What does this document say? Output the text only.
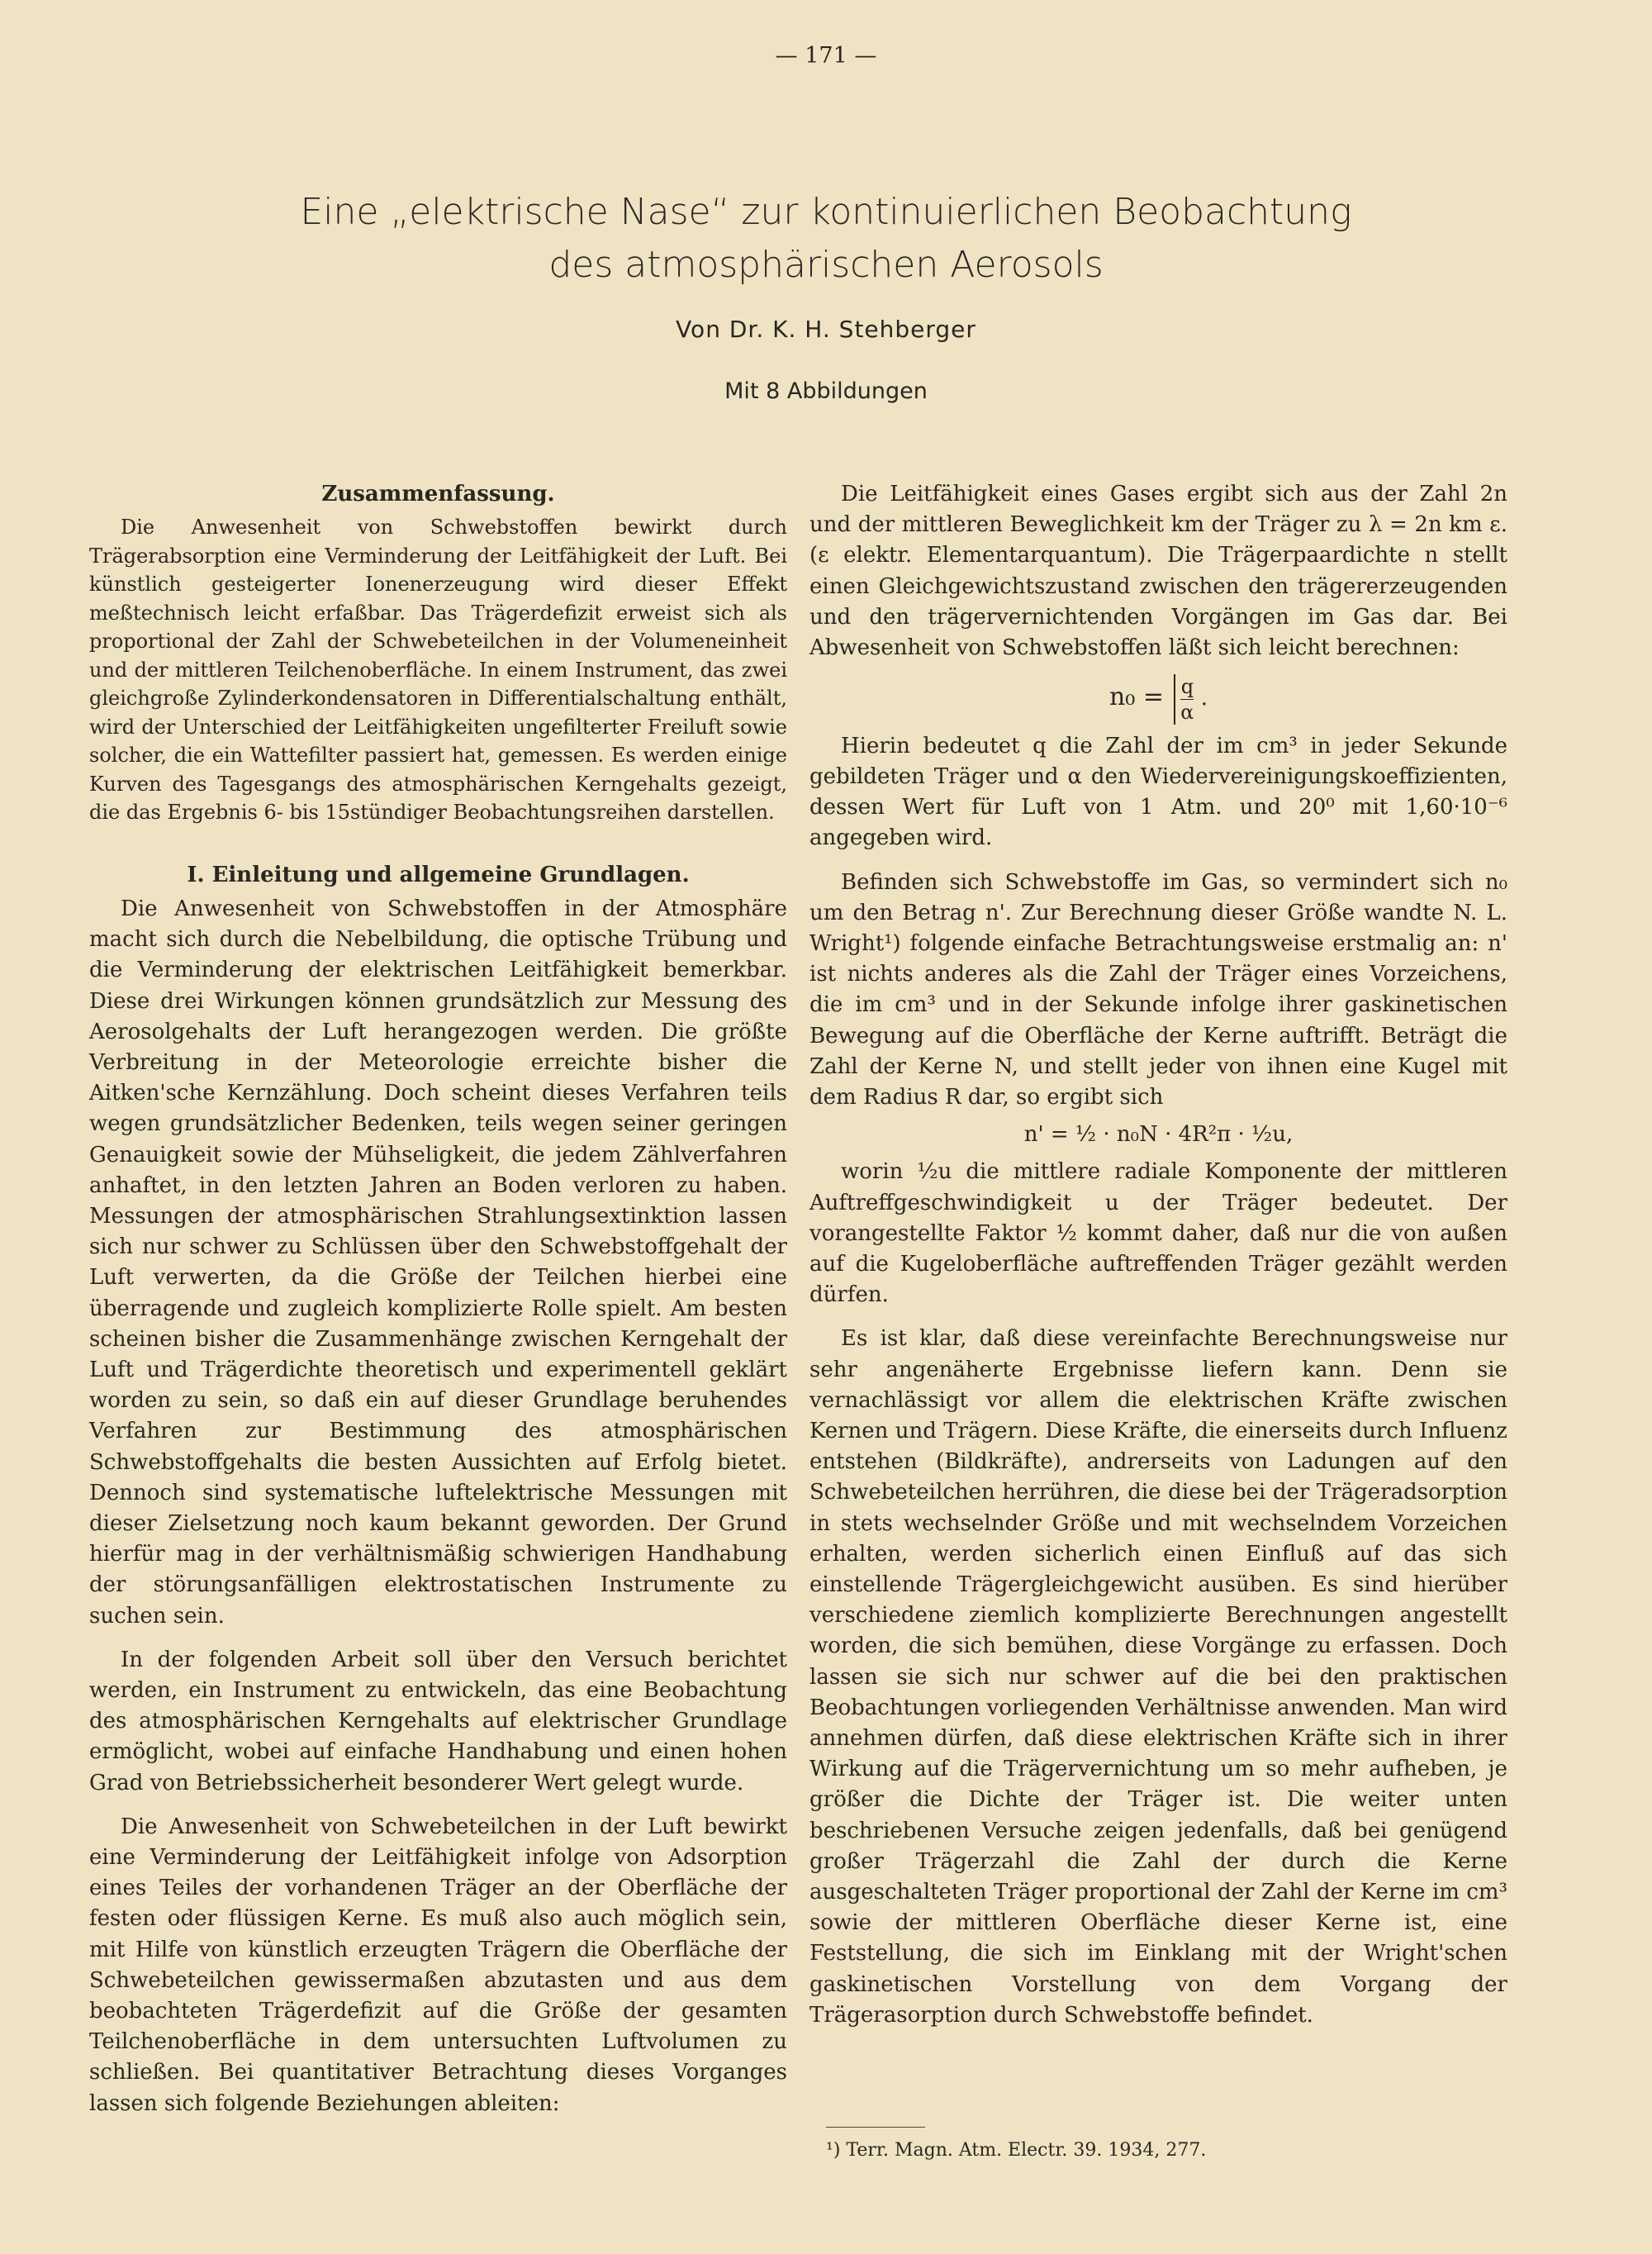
— 171 —
Eine „elektrische Nase“ zur kontinuierlichen Beobachtung
des atmosphärischen Aerosols
Von Dr. K. H. Stehberger
Mit 8 Abbildungen
Zusammenfassung.

Die Anwesenheit von Schwebstoffen bewirkt durch Trägerabsorption eine Verminderung der Leitfähigkeit der Luft. Bei künstlich gesteigerter Ionenerzeugung wird dieser Effekt meßtechnisch leicht erfaßbar. Das Trägerdefizit erweist sich als proportional der Zahl der Schwebeteilchen in der Volumeneinheit und der mittleren Teilchenoberfläche. In einem Instrument, das zwei gleichgroße Zylinderkondensatoren in Differentialschaltung enthält, wird der Unterschied der Leitfähigkeiten ungefilterter Freiluft sowie solcher, die ein Wattefilter passiert hat, gemessen. Es werden einige Kurven des Tagesgangs des atmosphärischen Kerngehalts gezeigt, die das Ergebnis 6- bis 15stündiger Beobachtungsreihen darstellen.

I. Einleitung und allgemeine Grundlagen.

Die Anwesenheit von Schwebstoffen in der Atmosphäre macht sich durch die Nebelbildung, die optische Trübung und die Verminderung der elektrischen Leitfähigkeit bemerkbar. Diese drei Wirkungen können grundsätzlich zur Messung des Aerosolgehalts der Luft herangezogen werden. Die größte Verbreitung in der Meteorologie erreichte bisher die Aitken'sche Kernzählung. Doch scheint dieses Verfahren teils wegen grundsätzlicher Bedenken, teils wegen seiner geringen Genauigkeit sowie der Mühseligkeit, die jedem Zählverfahren anhaftet, in den letzten Jahren an Boden verloren zu haben. Messungen der atmosphärischen Strahlungsextinktion lassen sich nur schwer zu Schlüssen über den Schwebstoffgehalt der Luft verwerten, da die Größe der Teilchen hierbei eine überragende und zugleich komplizierte Rolle spielt. Am besten scheinen bisher die Zusammenhänge zwischen Kerngehalt der Luft und Trägerdichte theoretisch und experimentell geklärt worden zu sein, so daß ein auf dieser Grundlage beruhendes Verfahren zur Bestimmung des atmosphärischen Schwebstoffgehalts die besten Aussichten auf Erfolg bietet. Dennoch sind systematische luftelektrische Messungen mit dieser Zielsetzung noch kaum bekannt geworden. Der Grund hierfür mag in der verhältnismäßig schwierigen Handhabung der störungsanfälligen elektrostatischen Instrumente zu suchen sein.

In der folgenden Arbeit soll über den Versuch berichtet werden, ein Instrument zu entwickeln, das eine Beobachtung des atmosphärischen Kerngehalts auf elektrischer Grundlage ermöglicht, wobei auf einfache Handhabung und einen hohen Grad von Betriebssicherheit besonderer Wert gelegt wurde.

Die Anwesenheit von Schwebeteilchen in der Luft bewirkt eine Verminderung der Leitfähigkeit infolge von Adsorption eines Teiles der vorhandenen Träger an der Oberfläche der festen oder flüssigen Kerne. Es muß also auch möglich sein, mit Hilfe von künstlich erzeugten Trägern die Oberfläche der Schwebeteilchen gewissermaßen abzutasten und aus dem beobachteten Trägerdefizit auf die Größe der gesamten Teilchenoberfläche in dem untersuchten Luftvolumen zu schließen. Bei quantitativer Betrachtung dieses Vorganges lassen sich folgende Beziehungen ableiten:

Die Leitfähigkeit eines Gases ergibt sich aus der Zahl 2n und der mittleren Beweglichkeit km der Träger zu λ = 2n km ε. (ε elektr. Elementarquantum). Die Trägerpaardichte n stellt einen Gleichgewichtszustand zwischen den trägererzeugenden und den trägervernichtenden Vorgängen im Gas dar. Bei Abwesenheit von Schwebstoffen läßt sich leicht berechnen:

$n_0 = \frac{q}{\alpha}$ .

Hierin bedeutet q die Zahl der im cm³ in jeder Sekunde gebildeten Träger und α den Wiedervereinigungskoeffizienten, dessen Wert für Luft von 1 Atm. und 20⁰ mit 1,60·10⁻⁶ angegeben wird.

Befinden sich Schwebstoffe im Gas, so vermindert sich n₀ um den Betrag n'. Zur Berechnung dieser Größe wandte N. L. Wright¹) folgende einfache Betrachtungsweise erstmalig an: n' ist nichts anderes als die Zahl der Träger eines Vorzeichens, die im cm³ und in der Sekunde infolge ihrer gaskinetischen Bewegung auf die Oberfläche der Kerne auftrifft. Beträgt die Zahl der Kerne N, und stellt jeder von ihnen eine Kugel mit dem Radius R dar, so ergibt sich

n' = ½ · n₀N · 4R²π · ½u,

worin ½u die mittlere radiale Komponente der mittleren Auftreffgeschwindigkeit u der Träger bedeutet. Der vorangestellte Faktor ½ kommt daher, daß nur die von außen auf die Kugeloberfläche auftreffenden Träger gezählt werden dürfen.

Es ist klar, daß diese vereinfachte Berechnungsweise nur sehr angenäherte Ergebnisse liefern kann. Denn sie vernachlässigt vor allem die elektrischen Kräfte zwischen Kernen und Trägern. Diese Kräfte, die einerseits durch Influenz entstehen (Bildkräfte), andrerseits von Ladungen auf den Schwebeteilchen herrühren, die diese bei der Trägeradsorption in stets wechselnder Größe und mit wechselndem Vorzeichen erhalten, werden sicherlich einen Einfluß auf das sich einstellende Trägergleichgewicht ausüben. Es sind hierüber verschiedene ziemlich komplizierte Berechnungen angestellt worden, die sich bemühen, diese Vorgänge zu erfassen. Doch lassen sie sich nur schwer auf die bei den praktischen Beobachtungen vorliegenden Verhältnisse anwenden. Man wird annehmen dürfen, daß diese elektrischen Kräfte sich in ihrer Wirkung auf die Trägervernichtung um so mehr aufheben, je größer die Dichte der Träger ist. Die weiter unten beschriebenen Versuche zeigen jedenfalls, daß bei genügend großer Trägerzahl die Zahl der durch die Kerne ausgeschalteten Träger proportional der Zahl der Kerne im cm³ sowie der mittleren Oberfläche dieser Kerne ist, eine Feststellung, die sich im Einklang mit der Wright'schen gaskinetischen Vorstellung von dem Vorgang der Trägerasorption durch Schwebstoffe befindet.

¹) Terr. Magn. Atm. Electr. 39. 1934, 277.
